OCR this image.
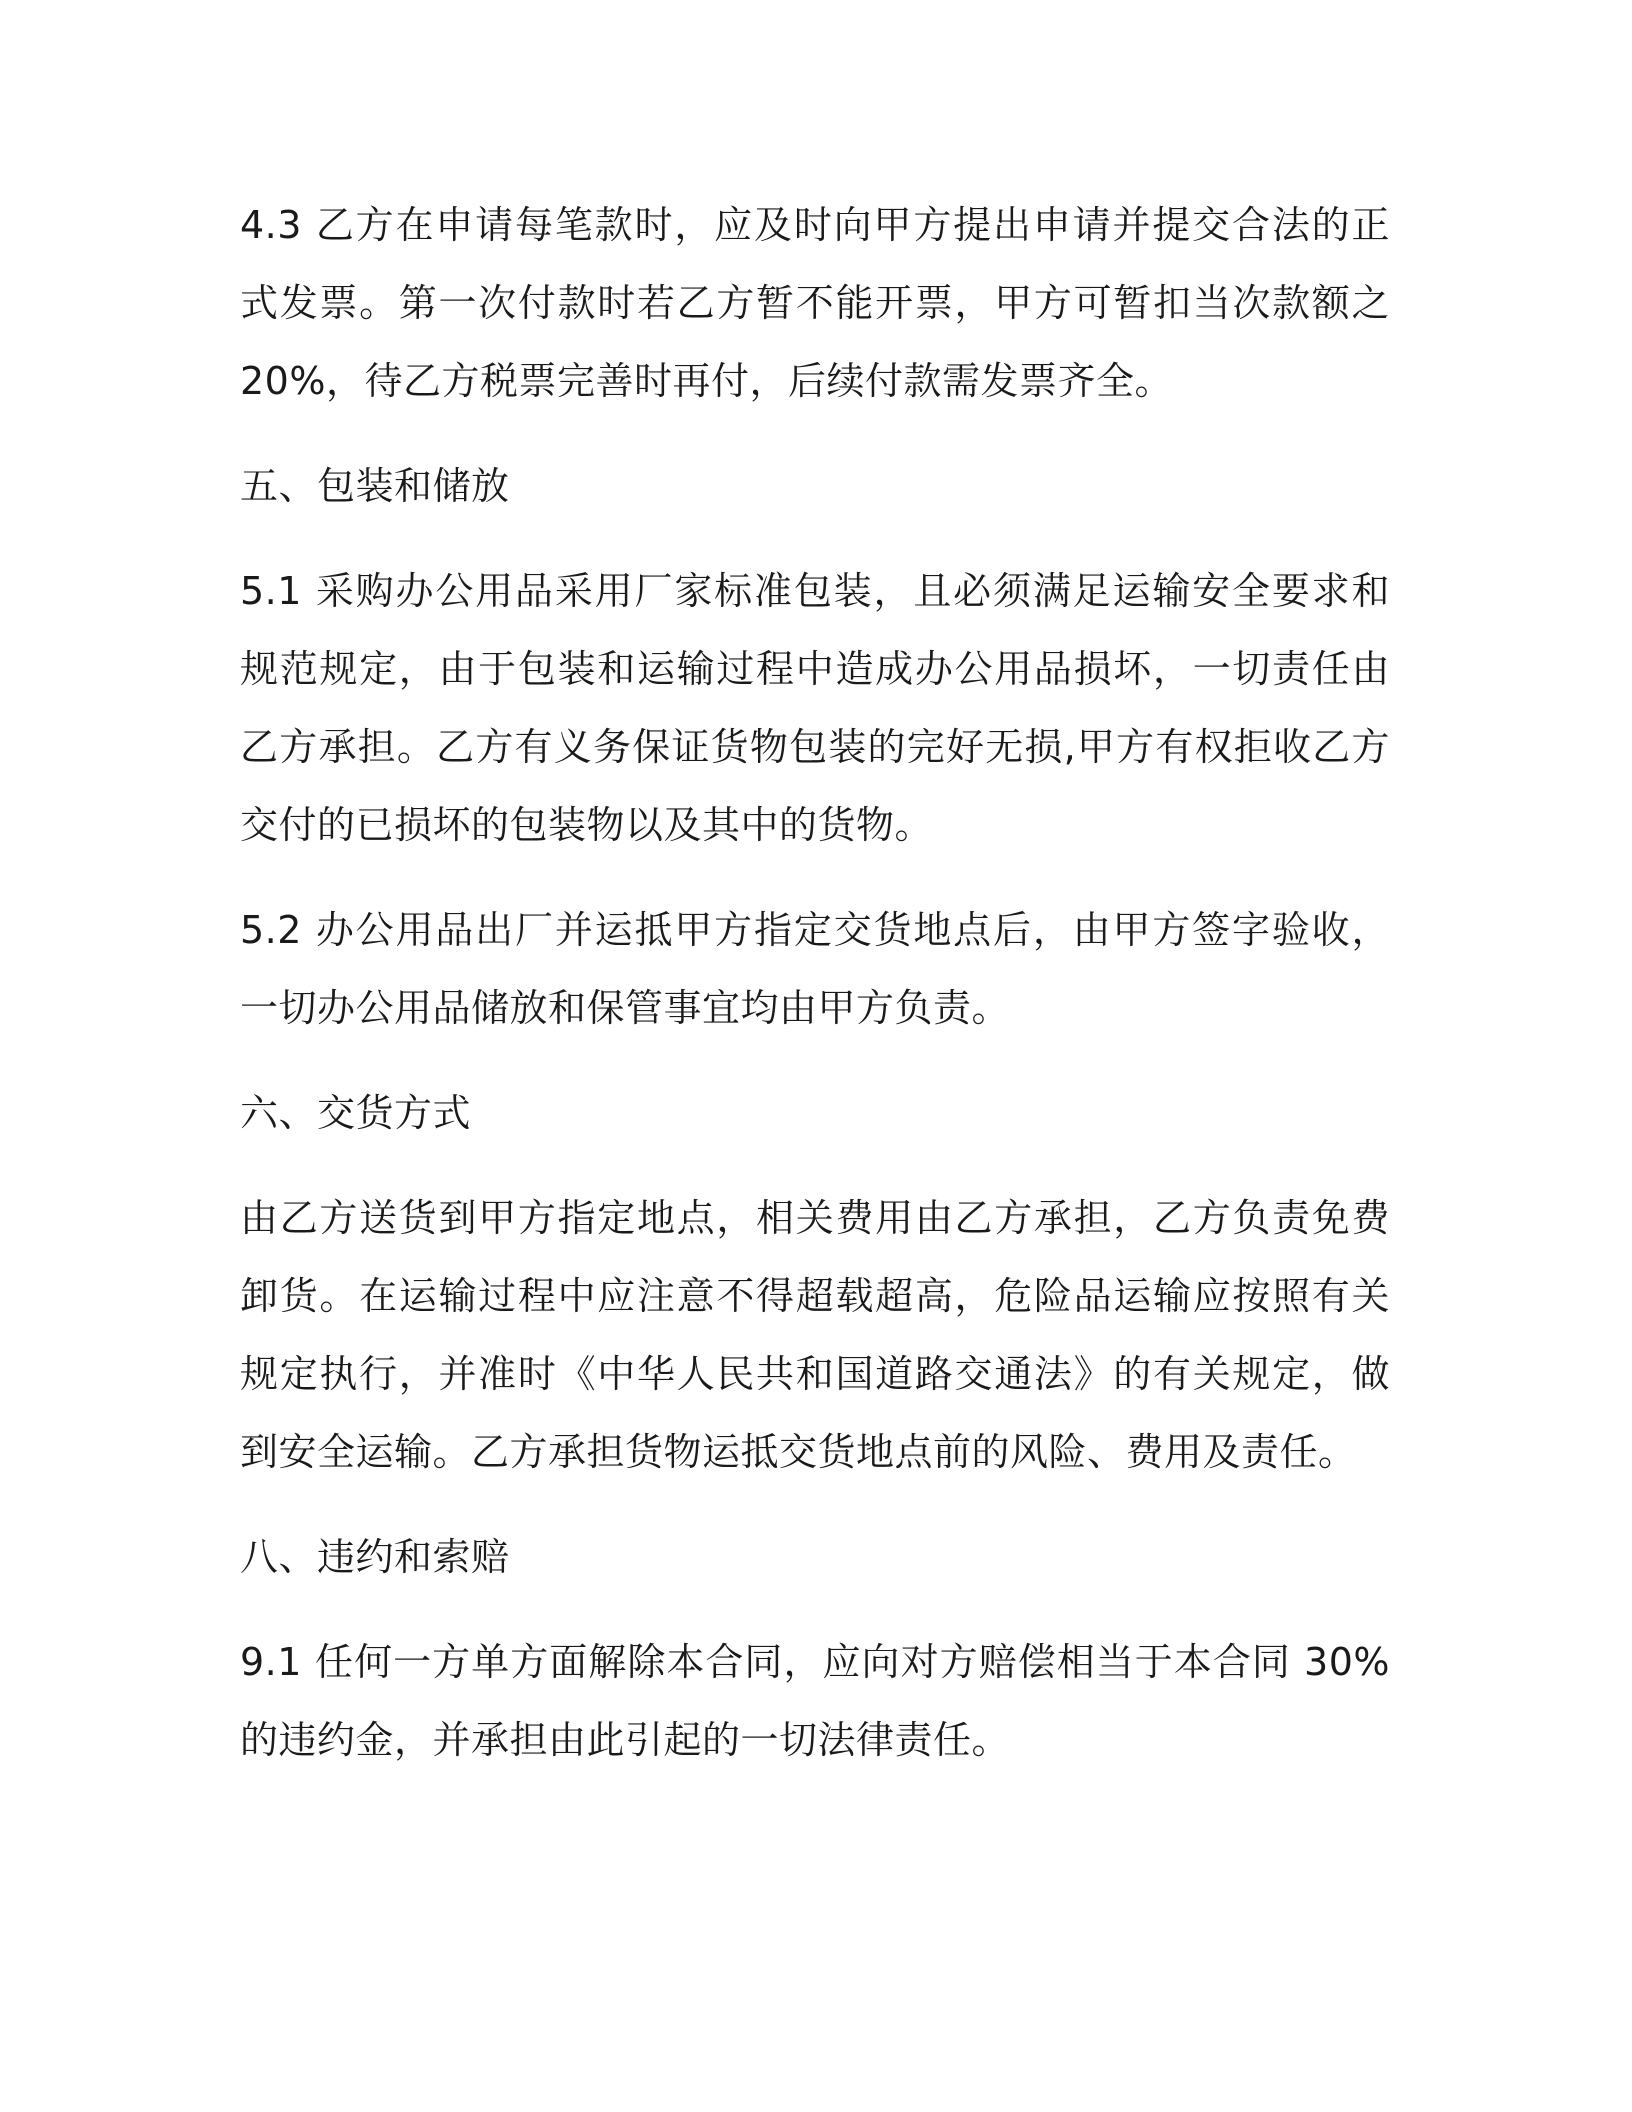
4.3 乙方在申请每笔款时，应及时向甲方提出申请并提交合法的正式发票。第一次付款时若乙方暂不能开票，甲方可暂扣当次款额之 20%，待乙方税票完善时再付，后续付款需发票齐全。

五、包装和储放

5.1 采购办公用品采用厂家标准包装，且必须满足运输安全要求和规范规定，由于包装和运输过程中造成办公用品损坏，一切责任由乙方承担。乙方有义务保证货物包装的完好无损,甲方有权拒收乙方交付的已损坏的包装物以及其中的货物。

5.2 办公用品出厂并运抵甲方指定交货地点后，由甲方签字验收，一切办公用品储放和保管事宜均由甲方负责。

六、交货方式

由乙方送货到甲方指定地点，相关费用由乙方承担，乙方负责免费卸货。在运输过程中应注意不得超载超高，危险品运输应按照有关规定执行，并准时《中华人民共和国道路交通法》的有关规定，做到安全运输。乙方承担货物运抵交货地点前的风险、费用及责任。

八、违约和索赔

9.1 任何一方单方面解除本合同，应向对方赔偿相当于本合同 30%的违约金，并承担由此引起的一切法律责任。
